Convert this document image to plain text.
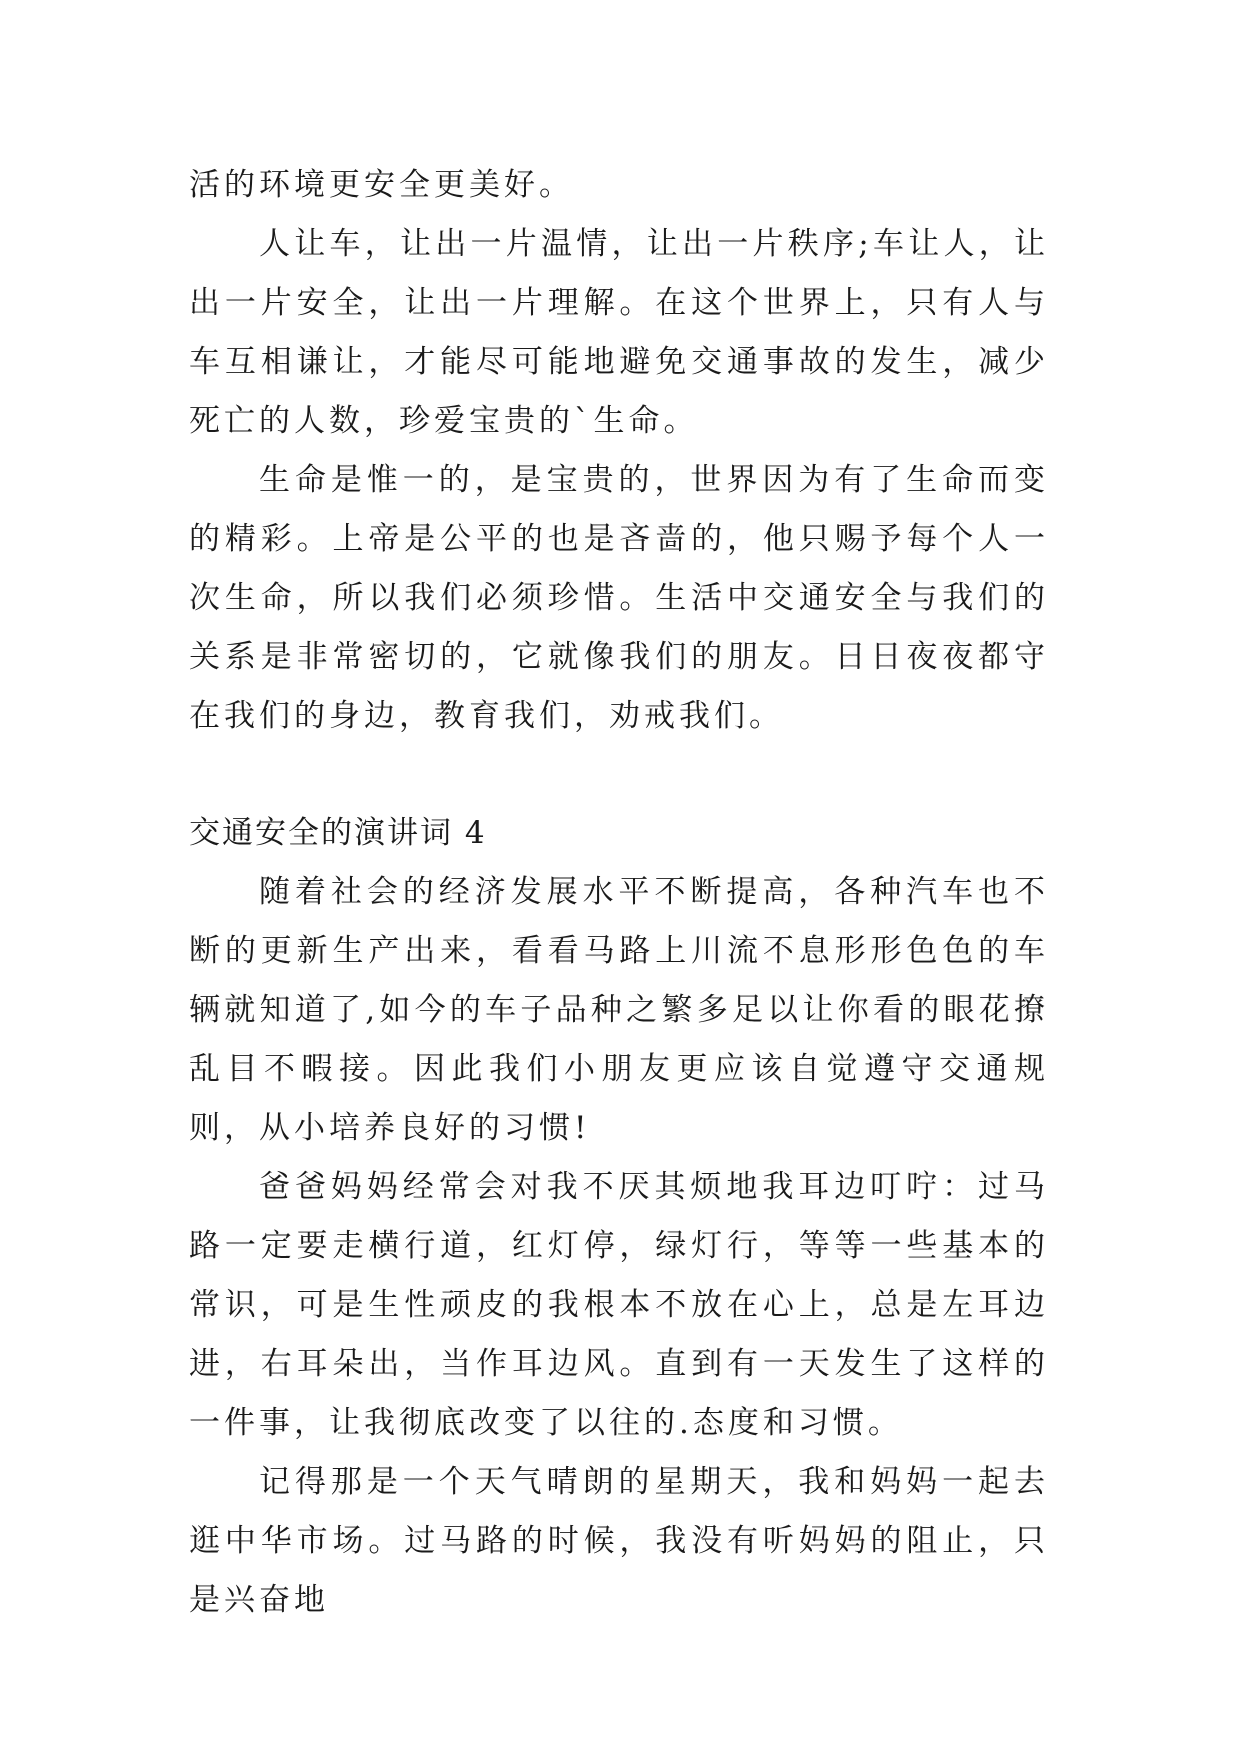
活的环境更安全更美好。

人让车，让出一片温情，让出一片秩序;车让人，让出一片安全，让出一片理解。在这个世界上，只有人与车互相谦让，才能尽可能地避免交通事故的发生，减少死亡的人数，珍爱宝贵的`生命。

生命是惟一的，是宝贵的，世界因为有了生命而变的精彩。上帝是公平的也是吝啬的，他只赐予每个人一次生命，所以我们必须珍惜。生活中交通安全与我们的关系是非常密切的，它就像我们的朋友。日日夜夜都守在我们的身边，教育我们，劝戒我们。

交通安全的演讲词 4

随着社会的经济发展水平不断提高，各种汽车也不断的更新生产出来，看看马路上川流不息形形色色的车辆就知道了,如今的车子品种之繁多足以让你看的眼花撩乱目不暇接。因此我们小朋友更应该自觉遵守交通规则，从小培养良好的习惯!

爸爸妈妈经常会对我不厌其烦地我耳边叮咛：过马路一定要走横行道，红灯停，绿灯行，等等一些基本的常识，可是生性顽皮的我根本不放在心上，总是左耳边进，右耳朵出，当作耳边风。直到有一天发生了这样的一件事，让我彻底改变了以往的.态度和习惯。

记得那是一个天气晴朗的星期天，我和妈妈一起去逛中华市场。过马路的时候，我没有听妈妈的阻止，只是兴奋地
